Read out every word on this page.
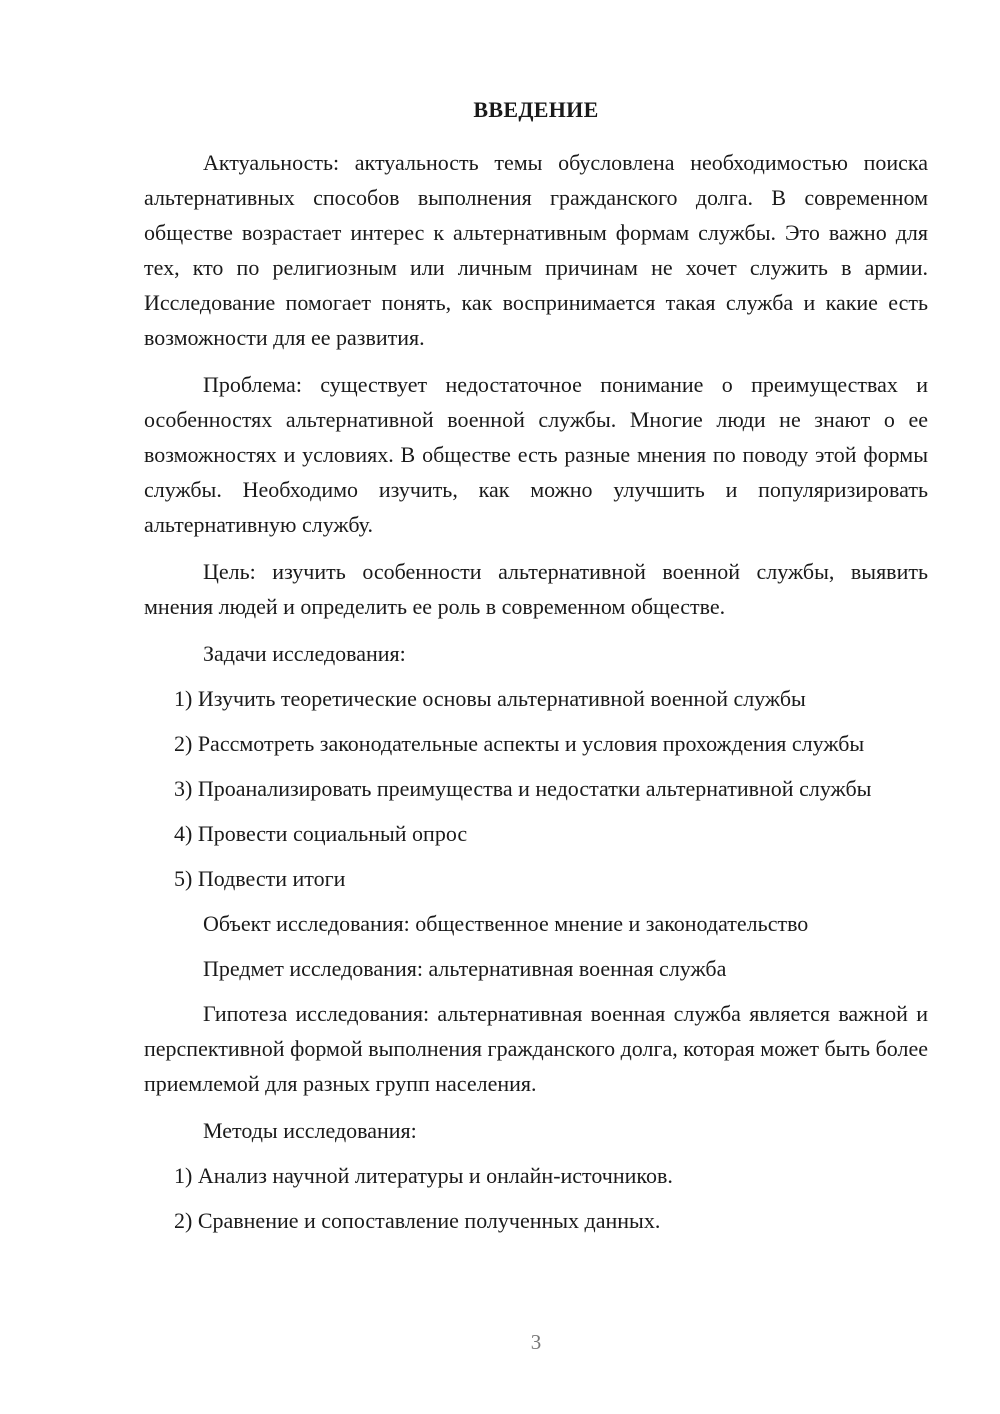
ВВЕДЕНИЕ

Актуальность: актуальность темы обусловлена необходимостью поиска альтернативных способов выполнения гражданского долга. В современном обществе возрастает интерес к альтернативным формам службы. Это важно для тех, кто по религиозным или личным причинам не хочет служить в армии. Исследование помогает понять, как воспринимается такая служба и какие есть возможности для ее развития.

Проблема: существует недостаточное понимание о преимуществах и особенностях альтернативной военной службы. Многие люди не знают о ее возможностях и условиях. В обществе есть разные мнения по поводу этой формы службы. Необходимо изучить, как можно улучшить и популяризировать альтернативную службу.

Цель: изучить особенности альтернативной военной службы, выявить мнения людей и определить ее роль в современном обществе.

Задачи исследования:

1) Изучить теоретические основы альтернативной военной службы

2) Рассмотреть законодательные аспекты и условия прохождения службы

3) Проанализировать преимущества и недостатки альтернативной службы

4) Провести социальный опрос

5) Подвести итоги

Объект исследования: общественное мнение и законодательство

Предмет исследования: альтернативная военная служба

Гипотеза исследования: альтернативная военная служба является важной и перспективной формой выполнения гражданского долга, которая может быть более приемлемой для разных групп населения.

Методы исследования:

1) Анализ научной литературы и онлайн-источников.

2) Сравнение и сопоставление полученных данных.

3
